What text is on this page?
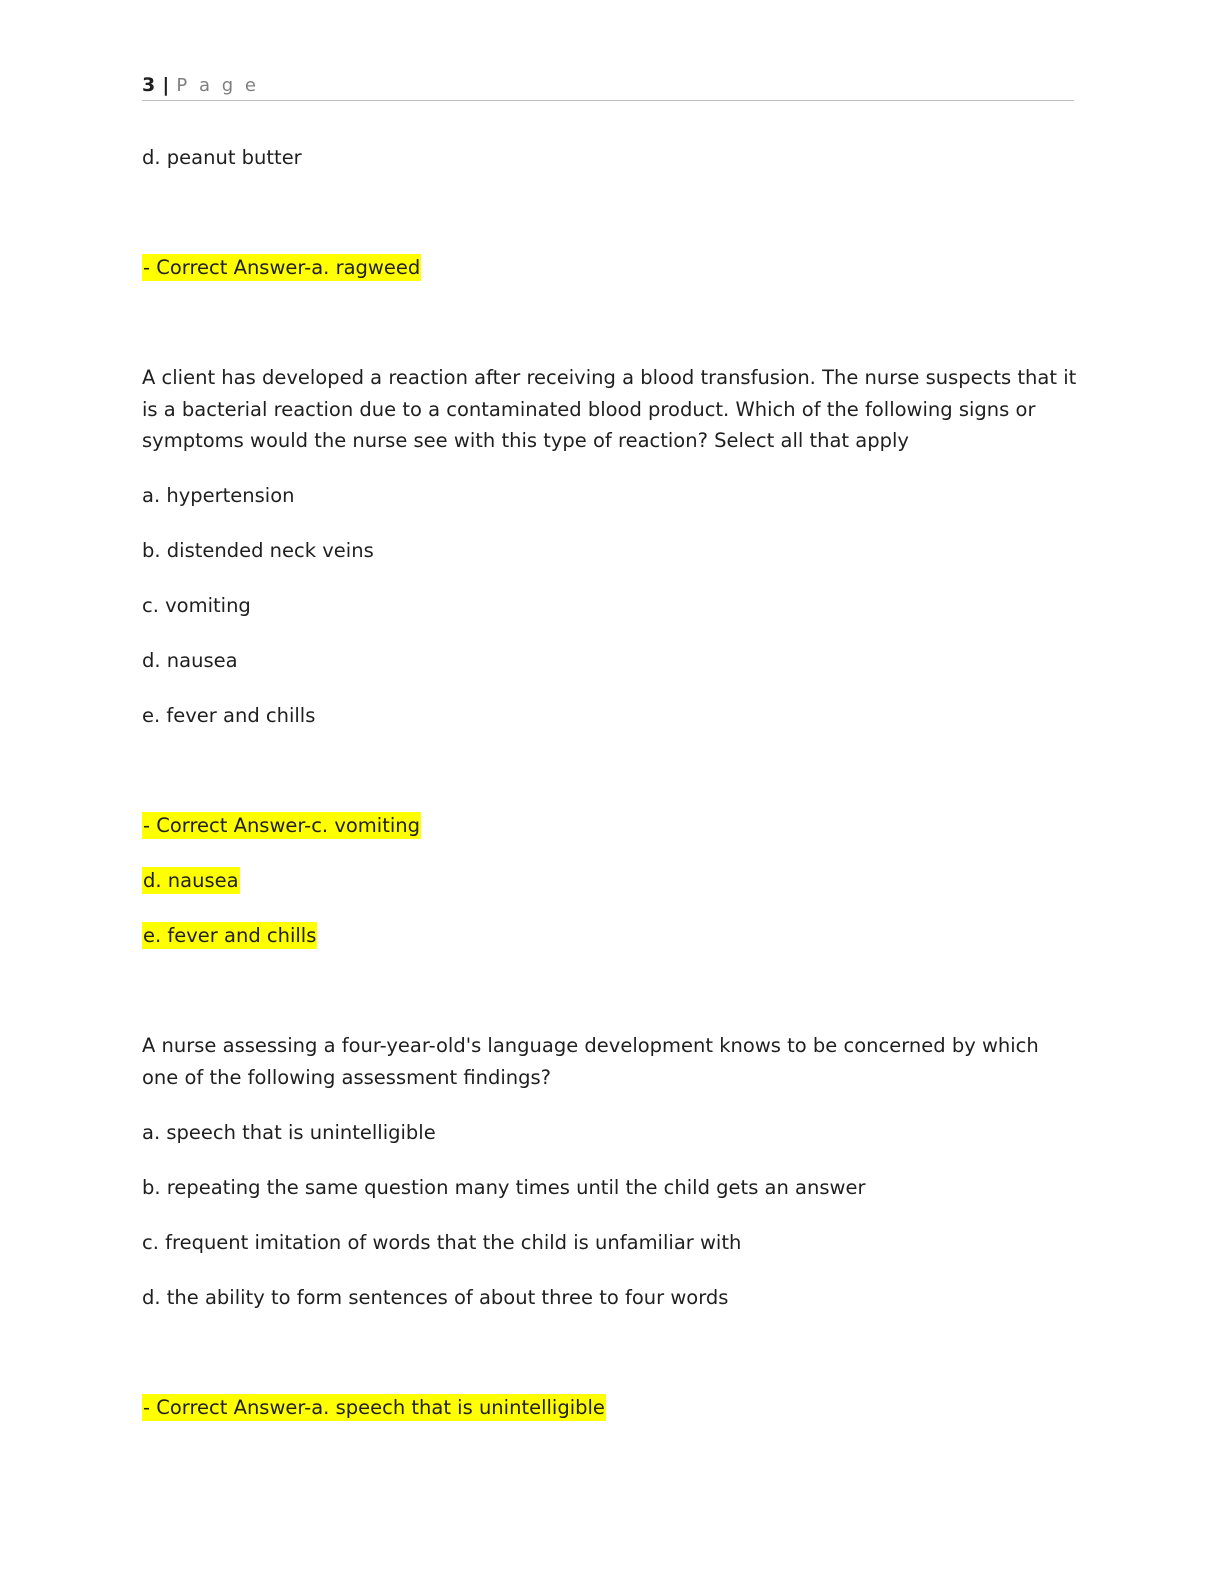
3 | P a g e
d. peanut butter
- Correct Answer-a. ragweed
A client has developed a reaction after receiving a blood transfusion. The nurse suspects that it is a bacterial reaction due to a contaminated blood product. Which of the following signs or symptoms would the nurse see with this type of reaction? Select all that apply
a. hypertension
b. distended neck veins
c. vomiting
d. nausea
e. fever and chills
- Correct Answer-c. vomiting
d. nausea
e. fever and chills
A nurse assessing a four-year-old's language development knows to be concerned by which one of the following assessment findings?
a. speech that is unintelligible
b. repeating the same question many times until the child gets an answer
c. frequent imitation of words that the child is unfamiliar with
d. the ability to form sentences of about three to four words
- Correct Answer-a. speech that is unintelligible
